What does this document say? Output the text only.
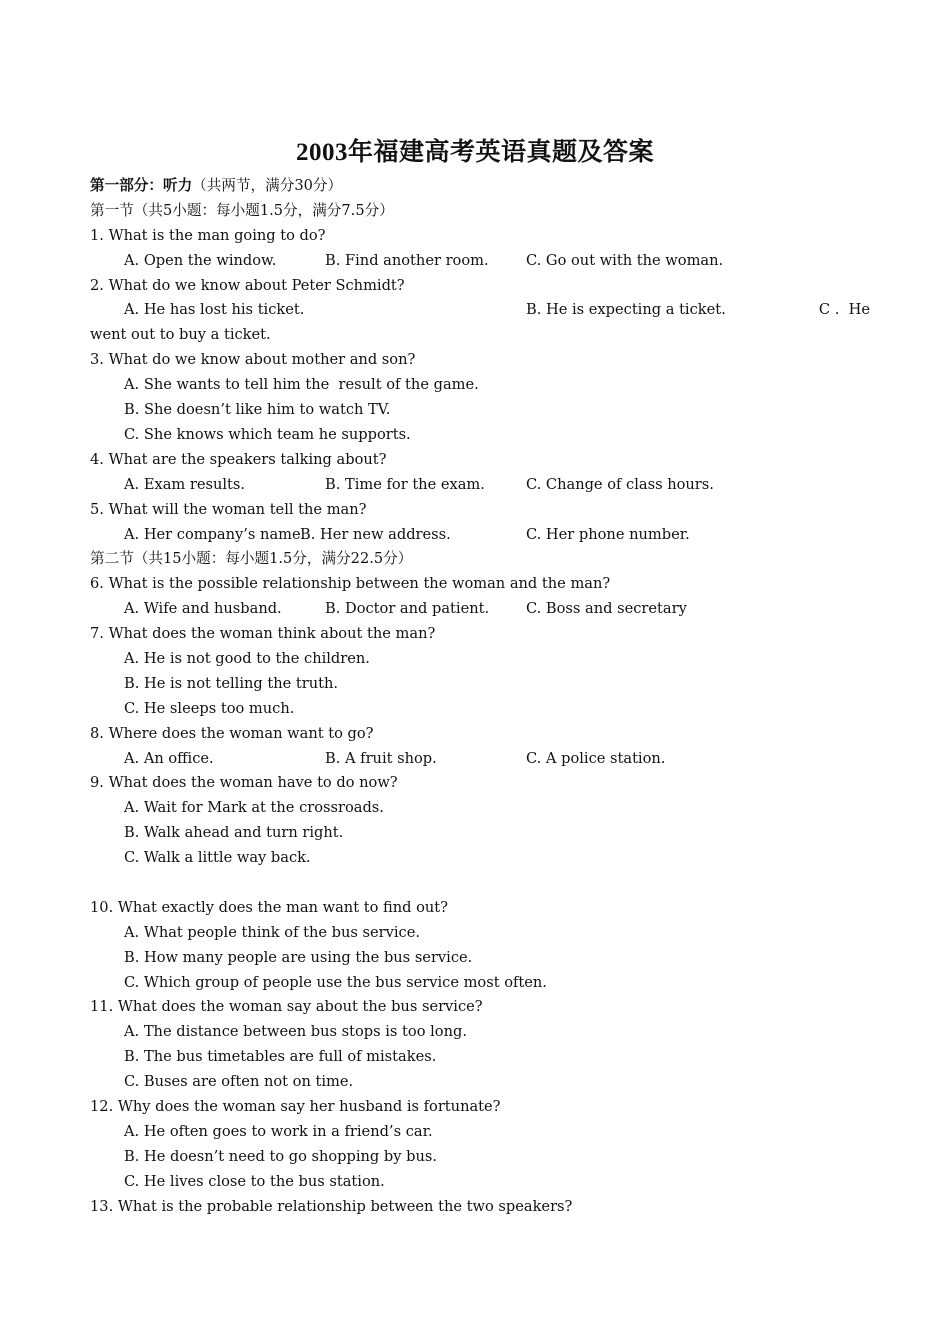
2003年福建高考英语真题及答案
第一部分：听力（共两节，满分30分）
第一节（共5小题：每小题1.5分，满分7.5分）
1. What is the man going to do?
A. Open the window.	B. Find another room.	C. Go out with the woman.
2. What do we know about Peter Schmidt?
A. He has lost his ticket.	B. He is expecting a ticket.	C .  He
went out to buy a ticket.
3. What do we know about mother and son?
A. She wants to tell him the  result of the game.
B. She doesn’t like him to watch TV.
C. She knows which team he supports.
4. What are the speakers talking about?
A. Exam results.	B. Time for the exam.	C. Change of class hours.
5. What will the woman tell the man?
A. Her company’s name.
B. Her new address.	C. Her phone number.
第二节（共15小题：每小题1.5分，满分22.5分）
6. What is the possible relationship between the woman and the man?
A. Wife and husband.	B. Doctor and patient.	C. Boss and secretary
7. What does the woman think about the man?
A. He is not good to the children.
B. He is not telling the truth.
C. He sleeps too much.
8. Where does the woman want to go?
A. An office.	B. A fruit shop.	C. A police station.
9. What does the woman have to do now?
A. Wait for Mark at the crossroads.
B. Walk ahead and turn right.
C. Walk a little way back.
10. What exactly does the man want to find out?
A. What people think of the bus service.
B. How many people are using the bus service.
C. Which group of people use the bus service most often.
11. What does the woman say about the bus service?
A. The distance between bus stops is too long.
B. The bus timetables are full of mistakes.
C. Buses are often not on time.
12. Why does the woman say her husband is fortunate?
A. He often goes to work in a friend’s car.
B. He doesn’t need to go shopping by bus.
C. He lives close to the bus station.
13. What is the probable relationship between the two speakers?
